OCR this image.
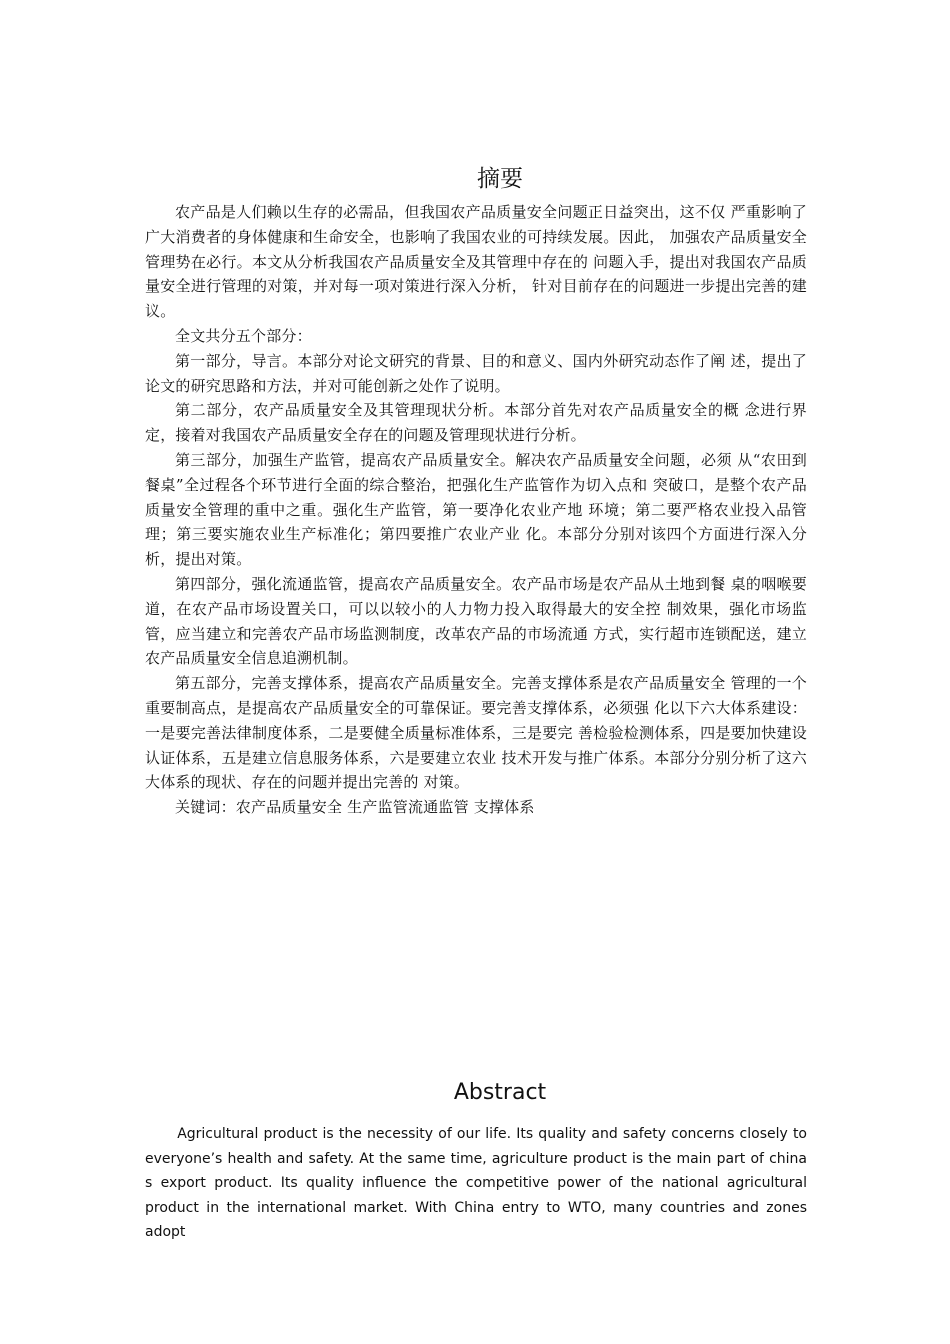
摘要

农产品是人们赖以生存的必需品，但我国农产品质量安全问题正日益突出，这不仅 严重影响了广大消费者的身体健康和生命安全，也影响了我国农业的可持续发展。因此， 加强农产品质量安全管理势在必行。本文从分析我国农产品质量安全及其管理中存在的 问题入手，提出对我国农产品质量安全进行管理的对策，并对每一项对策进行深入分析， 针对目前存在的问题进一步提出完善的建议。

全文共分五个部分：

第一部分，导言。本部分对论文研究的背景、目的和意义、国内外研究动态作了阐 述，提出了论文的研究思路和方法，并对可能创新之处作了说明。

第二部分，农产品质量安全及其管理现状分析。本部分首先对农产品质量安全的概 念进行界定，接着对我国农产品质量安全存在的问题及管理现状进行分析。

第三部分，加强生产监管，提高农产品质量安全。解决农产品质量安全问题，必须 从“农田到餐桌”全过程各个环节进行全面的综合整治，把强化生产监管作为切入点和 突破口，是整个农产品质量安全管理的重中之重。强化生产监管，第一要净化农业产地 环境；第二要严格农业投入品管理；第三要实施农业生产标准化；第四要推广农业产业 化。本部分分别对该四个方面进行深入分析，提出对策。

第四部分，强化流通监管，提高农产品质量安全。农产品市场是农产品从土地到餐 桌的咽喉要道，在农产品市场设置关口，可以以较小的人力物力投入取得最大的安全控 制效果，强化市场监管，应当建立和完善农产品市场监测制度，改革农产品的市场流通 方式，实行超市连锁配送，建立农产品质量安全信息追溯机制。

第五部分，完善支撑体系，提高农产品质量安全。完善支撑体系是农产品质量安全 管理的一个重要制高点，是提高农产品质量安全的可靠保证。要完善支撑体系，必须强 化以下六大体系建设：一是要完善法律制度体系，二是要健全质量标准体系，三是要完 善检验检测体系，四是要加快建设认证体系，五是建立信息服务体系，六是要建立农业 技术开发与推广体系。本部分分别分析了这六大体系的现状、存在的问题并提出完善的 对策。

关键词：农产品质量安全 生产监管流通监管 支撑体系

Abstract

Agricultural product is the necessity of our life. Its quality and safety concerns closely to everyone’s health and safety. At the same time, agriculture product is the main part of china s export product. Its quality influence the competitive power of the national agricultural product in the international market. With China entry to WTO, many countries and zones adopt
